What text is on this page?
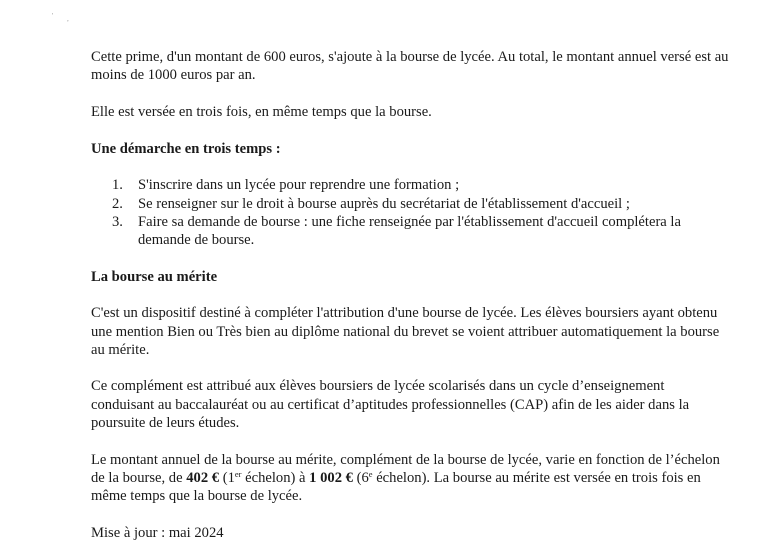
' ,

Cette prime, d'un montant de 600 euros, s'ajoute à la bourse de lycée. Au total, le montant annuel versé est au moins de 1000 euros par an.

Elle est versée en trois fois, en même temps que la bourse.

Une démarche en trois temps :
1. S'inscrire dans un lycée pour reprendre une formation ;
2. Se renseigner sur le droit à bourse auprès du secrétariat de l'établissement d'accueil ;
3. Faire sa demande de bourse : une fiche renseignée par l'établissement d'accueil complétera la demande de bourse.
La bourse au mérite

C'est un dispositif destiné à compléter l'attribution d'une bourse de lycée. Les élèves boursiers ayant obtenu une mention Bien ou Très bien au diplôme national du brevet se voient attribuer automatiquement la bourse au mérite.

Ce complément est attribué aux élèves boursiers de lycée scolarisés dans un cycle d’enseignement conduisant au baccalauréat ou au certificat d’aptitudes professionnelles (CAP) afin de les aider dans la poursuite de leurs études.

Le montant annuel de la bourse au mérite, complément de la bourse de lycée, varie en fonction de l’échelon de la bourse, de 402 € (1er échelon) à 1 002 € (6e échelon). La bourse au mérite est versée en trois fois en même temps que la bourse de lycée.

Mise à jour : mai 2024
